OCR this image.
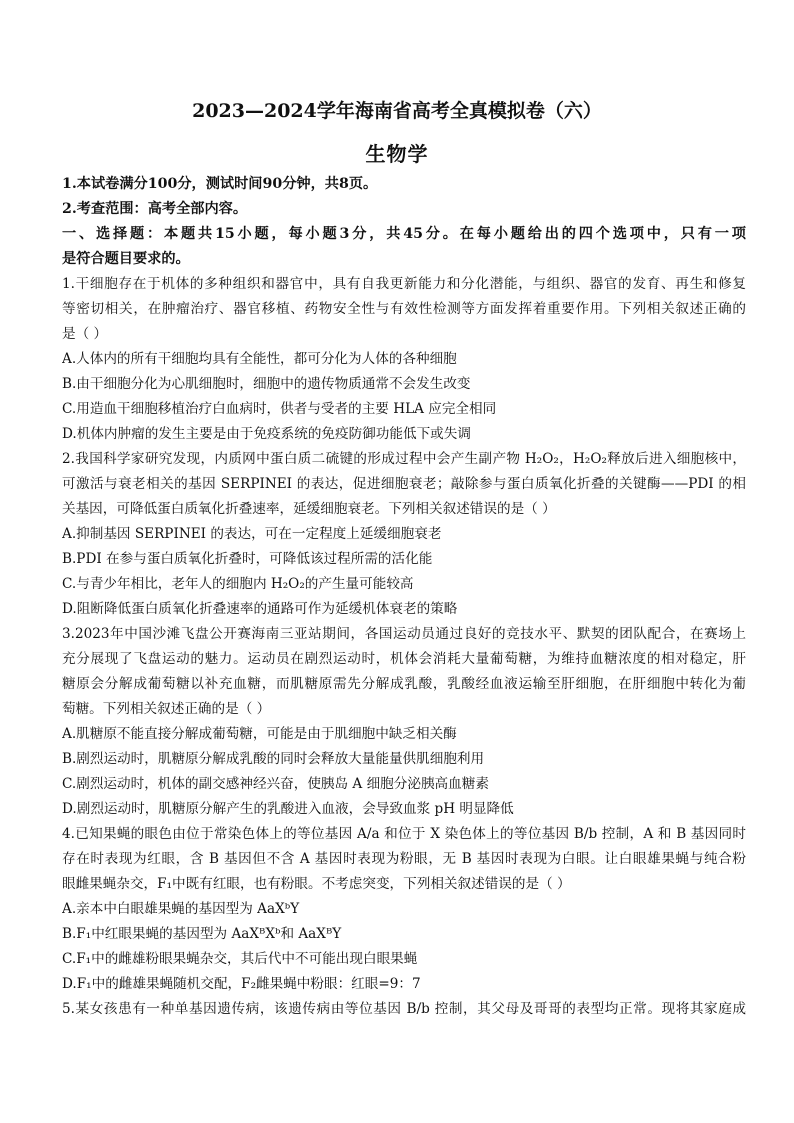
2023—2024学年海南省高考全真模拟卷（六）
生物学
1.本试卷满分100分，测试时间90分钟，共8页。
2.考查范围：高考全部内容。
一、选择题：本题共15小题，每小题3分，共45分。在每小题给出的四个选项中，只有一项
是符合题目要求的。
1.干细胞存在于机体的多种组织和器官中，具有自我更新能力和分化潜能，与组织、器官的发育、再生和修复
等密切相关，在肿瘤治疗、器官移植、药物安全性与有效性检测等方面发挥着重要作用。下列相关叙述正确的
是（ ）
A.人体内的所有干细胞均具有全能性，都可分化为人体的各种细胞
B.由干细胞分化为心肌细胞时，细胞中的遗传物质通常不会发生改变
C.用造血干细胞移植治疗白血病时，供者与受者的主要 HLA 应完全相同
D.机体内肿瘤的发生主要是由于免疫系统的免疫防御功能低下或失调
2.我国科学家研究发现，内质网中蛋白质二硫键的形成过程中会产生副产物 H₂O₂，H₂O₂释放后进入细胞核中，
可激活与衰老相关的基因 SERPINEI 的表达，促进细胞衰老；敲除参与蛋白质氧化折叠的关键酶——PDI 的相
关基因，可降低蛋白质氧化折叠速率，延缓细胞衰老。下列相关叙述错误的是（ ）
A.抑制基因 SERPINEI 的表达，可在一定程度上延缓细胞衰老
B.PDI 在参与蛋白质氧化折叠时，可降低该过程所需的活化能
C.与青少年相比，老年人的细胞内 H₂O₂的产生量可能较高
D.阻断降低蛋白质氧化折叠速率的通路可作为延缓机体衰老的策略
3.2023年中国沙滩飞盘公开赛海南三亚站期间，各国运动员通过良好的竞技水平、默契的团队配合，在赛场上
充分展现了飞盘运动的魅力。运动员在剧烈运动时，机体会消耗大量葡萄糖，为维持血糖浓度的相对稳定，肝
糖原会分解成葡萄糖以补充血糖，而肌糖原需先分解成乳酸，乳酸经血液运输至肝细胞，在肝细胞中转化为葡
萄糖。下列相关叙述正确的是（ ）
A.肌糖原不能直接分解成葡萄糖，可能是由于肌细胞中缺乏相关酶
B.剧烈运动时，肌糖原分解成乳酸的同时会释放大量能量供肌细胞利用
C.剧烈运动时，机体的副交感神经兴奋，使胰岛 A 细胞分泌胰高血糖素
D.剧烈运动时，肌糖原分解产生的乳酸进入血液，会导致血浆 pH 明显降低
4.已知果蝇的眼色由位于常染色体上的等位基因 A/a 和位于 X 染色体上的等位基因 B/b 控制，A 和 B 基因同时
存在时表现为红眼，含 B 基因但不含 A 基因时表现为粉眼，无 B 基因时表现为白眼。让白眼雄果蝇与纯合粉
眼雌果蝇杂交，F₁中既有红眼，也有粉眼。不考虑突变，下列相关叙述错误的是（ ）
A.亲本中白眼雄果蝇的基因型为 AaXᵇY
B.F₁中红眼果蝇的基因型为 AaXᴮXᵇ和 AaXᴮY
C.F₁中的雌雄粉眼果蝇杂交，其后代中不可能出现白眼果蝇
D.F₁中的雌雄果蝇随机交配，F₂雌果蝇中粉眼：红眼=9：7
5.某女孩患有一种单基因遗传病，该遗传病由等位基因 B/b 控制，其父母及哥哥的表型均正常。现将其家庭成
